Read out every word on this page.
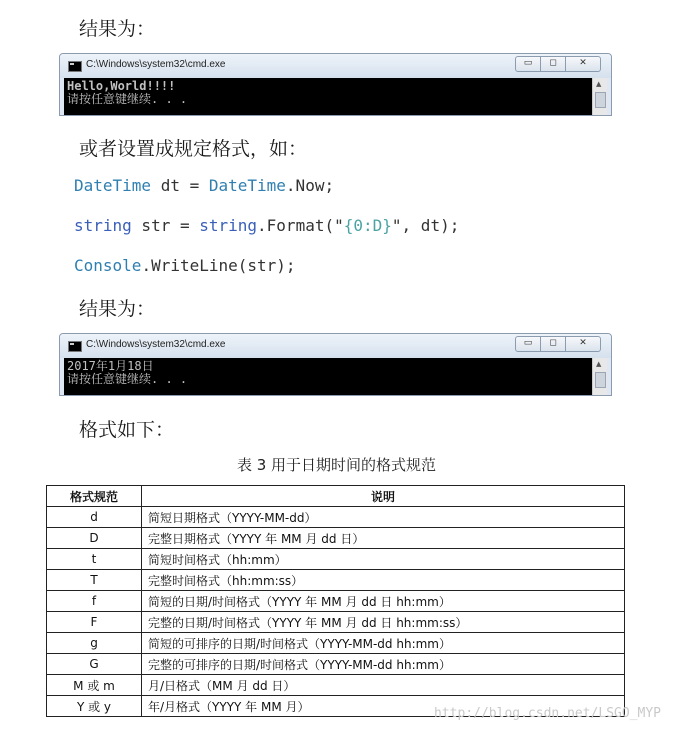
结果为：
C:\Windows\system32\cmd.exe	▭	◻	✕
Hello,World!!!!
请按任意键继续. . .
▲
或者设置成规定格式，如：
DateTime dt = DateTime.Now;
string str = string.Format("{0:D}", dt);
Console.WriteLine(str);
结果为：
C:\Windows\system32\cmd.exe	▭	◻	✕
2017年1月18日
请按任意键继续. . .
▲
格式如下：
表 3 用于日期时间的格式规范
格式规范	说明
d	简短日期格式（YYYY-MM-dd）
D	完整日期格式（YYYY 年 MM 月 dd 日）
t	简短时间格式（hh:mm）
T	完整时间格式（hh:mm:ss）
f	简短的日期/时间格式（YYYY 年 MM 月 dd 日 hh:mm）
F	完整的日期/时间格式（YYYY 年 MM 月 dd 日 hh:mm:ss）
g	简短的可排序的日期/时间格式（YYYY-MM-dd hh:mm）
G	完整的可排序的日期/时间格式（YYYY-MM-dd hh:mm）
M 或 m	月/日格式（MM 月 dd 日）
Y 或 y	年/月格式（YYYY 年 MM 月）	http://blog.csdn.net/LSGO_MYP
